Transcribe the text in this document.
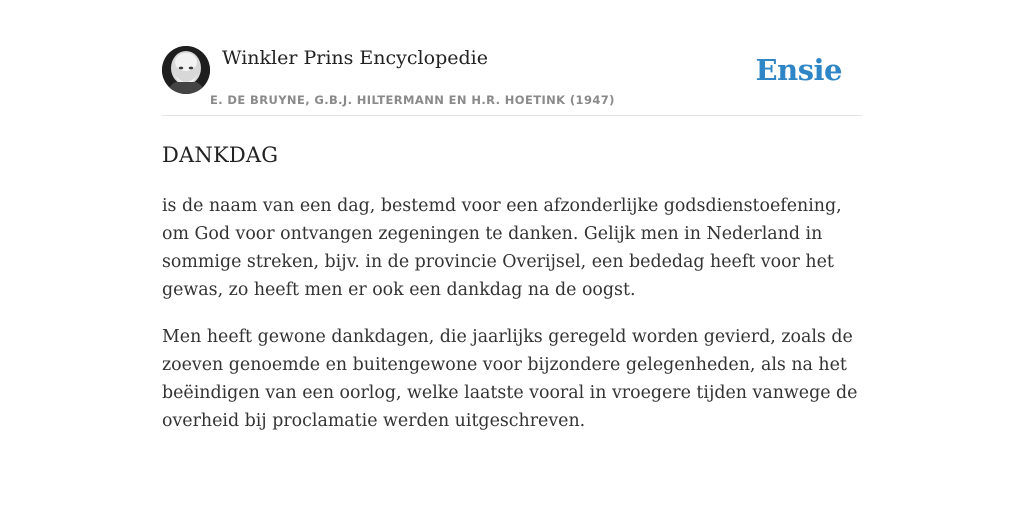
Winkler Prins Encyclopedie
E. DE BRUYNE, G.B.J. HILTERMANN EN H.R. HOETINK (1947)
Ensie
DANKDAG

is de naam van een dag, bestemd voor een afzonderlijke godsdienstoefening, om God voor ontvangen zegeningen te danken. Gelijk men in Nederland in sommige streken, bijv. in de provincie Overijsel, een bededag heeft voor het gewas, zo heeft men er ook een dankdag na de oogst.

Men heeft gewone dankdagen, die jaarlijks geregeld worden gevierd, zoals de zoeven genoemde en buitengewone voor bijzondere gelegenheden, als na het beëindigen van een oorlog, welke laatste vooral in vroegere tijden vanwege de overheid bij proclamatie werden uitgeschreven.
